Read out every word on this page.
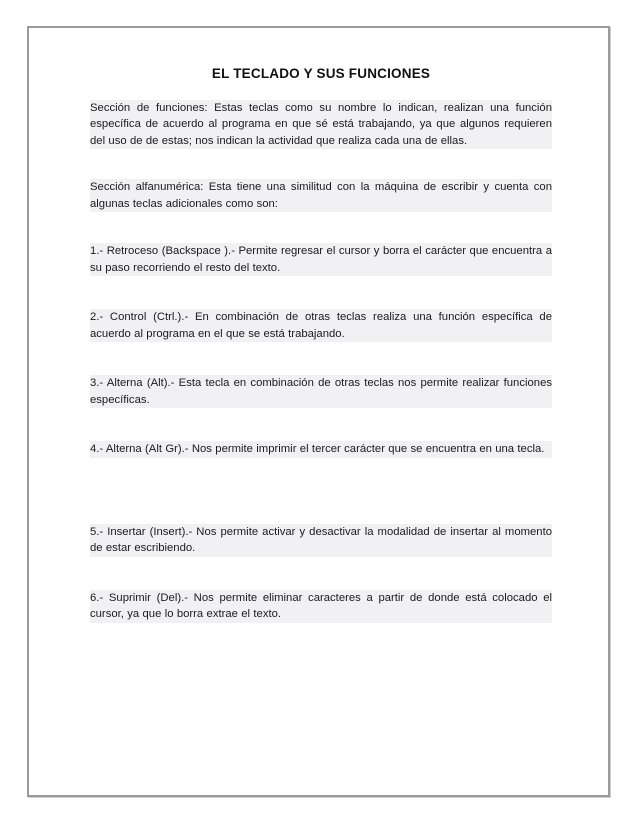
EL TECLADO Y SUS FUNCIONES

Sección de funciones: Estas teclas como su nombre lo indican, realizan una función específica de acuerdo al programa en que sé está trabajando, ya que algunos requieren del uso de de estas; nos indican la actividad que realiza cada una de ellas.

Sección alfanumérica: Esta tiene una similitud con la máquina de escribir y cuenta con algunas teclas adicionales como son:

1.- Retroceso (Backspace ).- Permite regresar el cursor y borra el carácter que encuentra a su paso recorriendo el resto del texto.

2.- Control (Ctrl.).- En combinación de otras teclas realiza una función específica de acuerdo al programa en el que se está trabajando.

3.- Alterna (Alt).- Esta tecla en combinación de otras teclas nos permite realizar funciones específicas.

4.- Alterna (Alt Gr).- Nos permite imprimir el tercer carácter que se encuentra en una tecla.

5.- Insertar (Insert).- Nos permite activar y desactivar la modalidad de insertar al momento de estar escribiendo.

6.- Suprimir (Del).- Nos permite eliminar caracteres a partir de donde está colocado el cursor, ya que lo borra extrae el texto.
